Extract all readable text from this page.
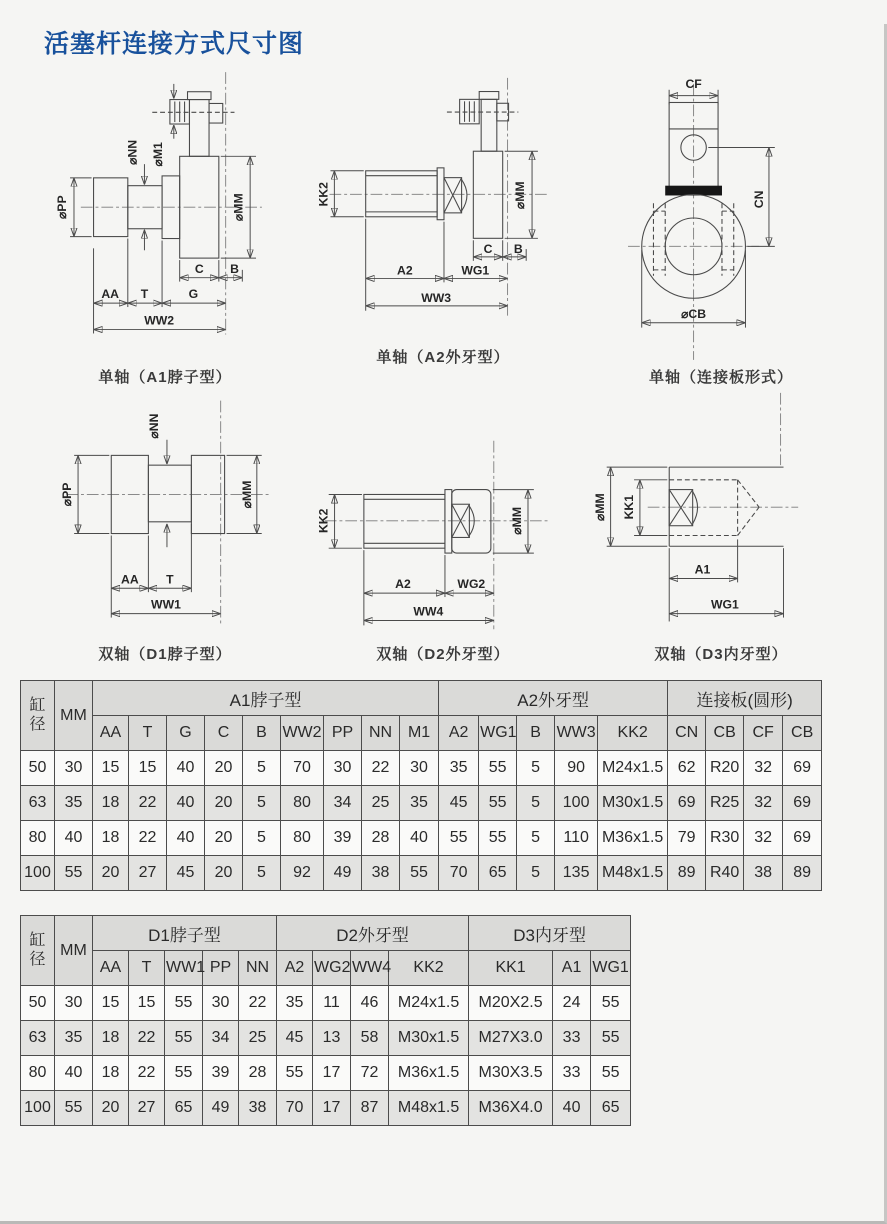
活塞杆连接方式尺寸图
⌀PP
⌀NN ⌀M1
⌀MM
C B
AA T	G
WW2
单轴（A1脖子型）
KK2	⌀MM
C B
A2	WG1
WW3
单轴（A2外牙型）
CF
CN
⌀CB
单轴（连接板形式）
⌀PP
⌀NN
⌀MM
AA T
WW1
双轴（D1脖子型）
KK2	⌀MM
A2	WG2
WW4
双轴（D2外牙型）
⌀MM KK1
A1
WG1
双轴（D3内牙型）
缸径	MM	A1脖子型									A2外牙型					连接板(圆形)			
		AA	T	G	C	B	WW2	PP	NN	M1	A2	WG1	B	WW3	KK2	CN	CB	CF	CB
50	30	15	15	40	20	5	70	30	22	30	35	55	5	90	M24x1.5	62	R20	32	69
63	35	18	22	40	20	5	80	34	25	35	45	55	5	100	M30x1.5	69	R25	32	69
80	40	18	22	40	20	5	80	39	28	40	55	55	5	110	M36x1.5	79	R30	32	69
100	55	20	27	45	20	5	92	49	38	55	70	65	5	135	M48x1.5	89	R40	38	89
缸径	MM	D1脖子型					D2外牙型				D3内牙型		
		AA	T	WW1	PP	NN	A2	WG2	WW4	KK2	KK1	A1	WG1
50	30	15	15	55	30	22	35	11	46	M24x1.5	M20X2.5	24	55
63	35	18	22	55	34	25	45	13	58	M30x1.5	M27X3.0	33	55
80	40	18	22	55	39	28	55	17	72	M36x1.5	M30X3.5	33	55
100	55	20	27	65	49	38	70	17	87	M48x1.5	M36X4.0	40	65
